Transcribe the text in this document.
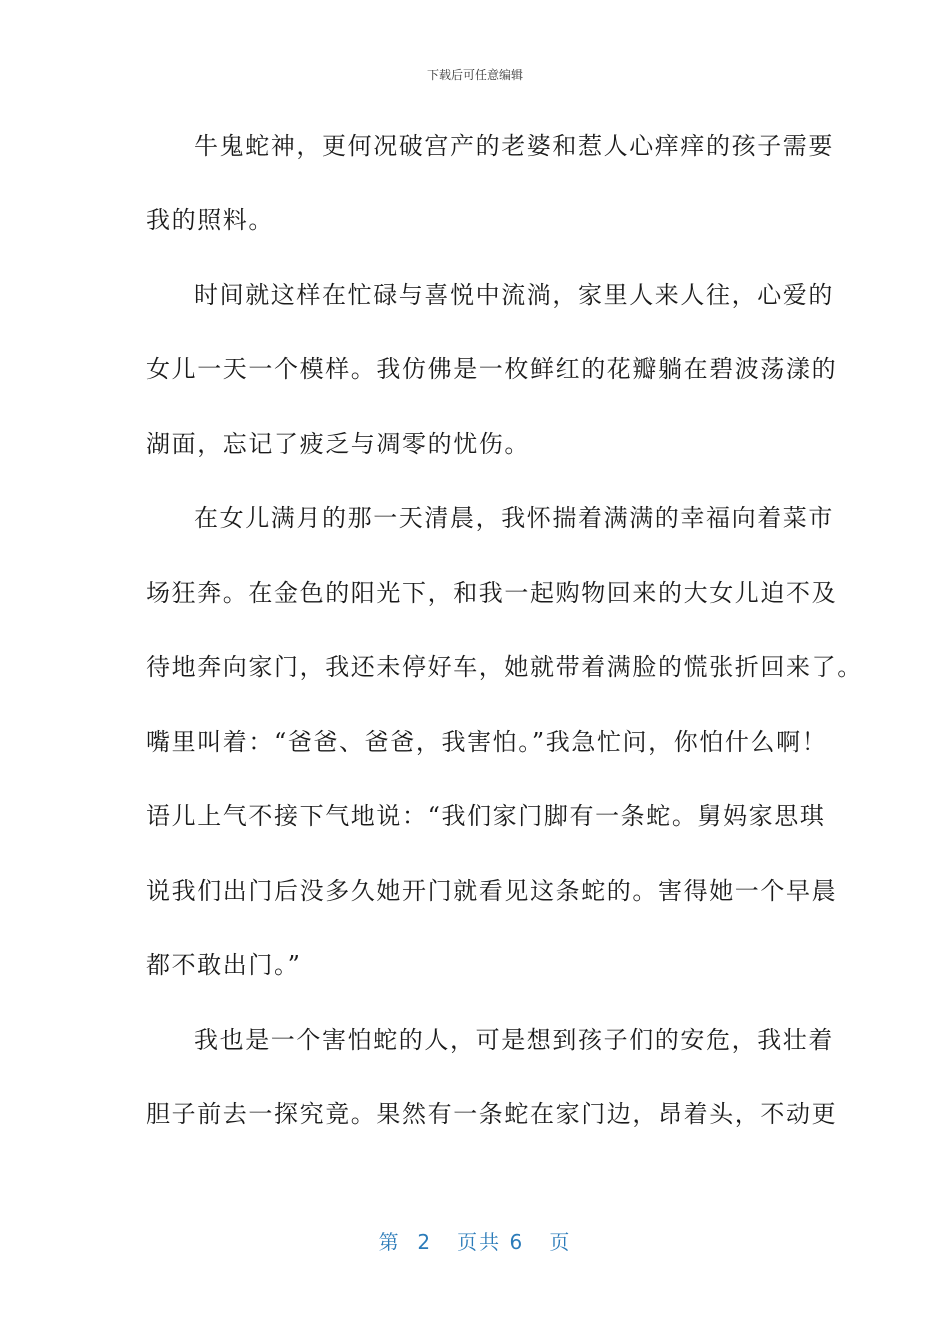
下载后可任意编辑

牛鬼蛇神，更何况破宫产的老婆和惹人心痒痒的孩子需要

我的照料。

时间就这样在忙碌与喜悦中流淌，家里人来人往，心爱的

女儿一天一个模样。我仿佛是一枚鲜红的花瓣躺在碧波荡漾的

湖面，忘记了疲乏与凋零的忧伤。

在女儿满月的那一天清晨，我怀揣着满满的幸福向着菜市

场狂奔。在金色的阳光下，和我一起购物回来的大女儿迫不及

待地奔向家门，我还未停好车，她就带着满脸的慌张折回来了。

嘴里叫着：“爸爸、爸爸，我害怕。”我急忙问，你怕什么啊！

语儿上气不接下气地说：“我们家门脚有一条蛇。舅妈家思琪

说我们出门后没多久她开门就看见这条蛇的。害得她一个早晨

都不敢出门。”

我也是一个害怕蛇的人，可是想到孩子们的安危，我壮着

胆子前去一探究竟。果然有一条蛇在家门边，昂着头，不动更

第  2   页共 6   页
